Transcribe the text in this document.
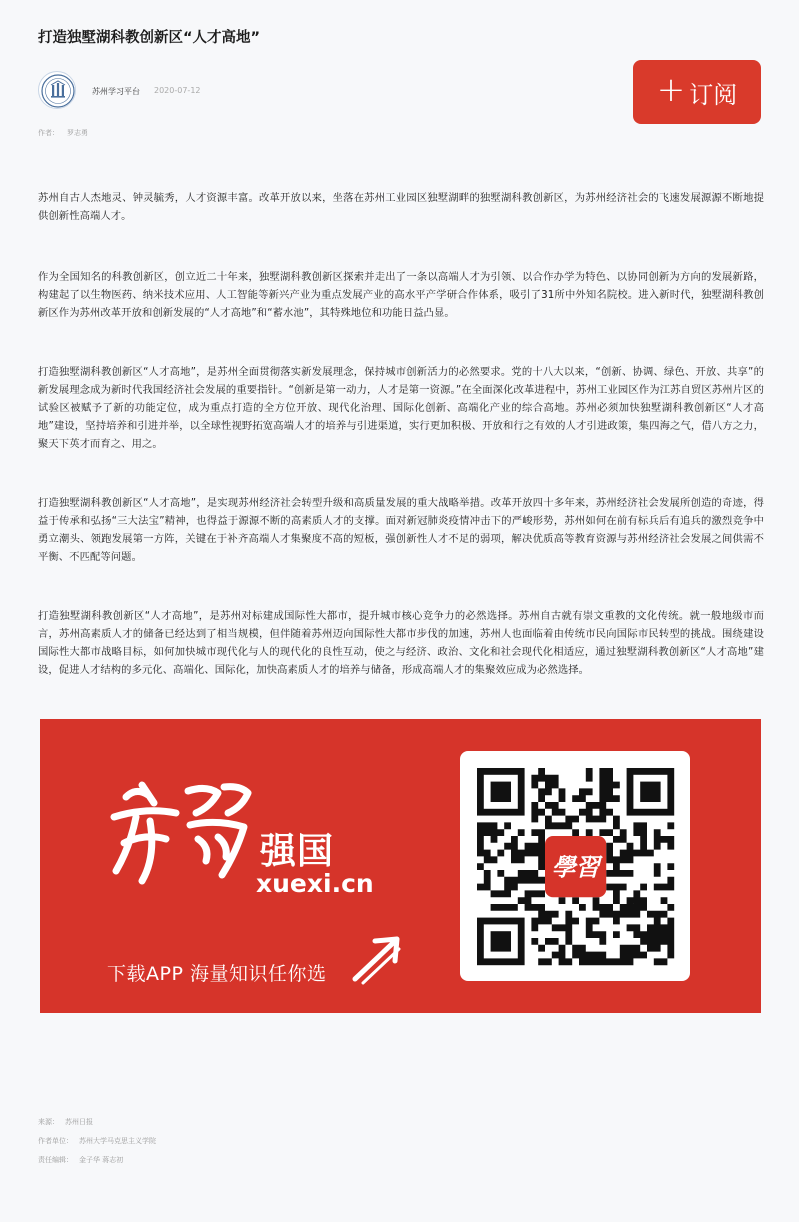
打造独墅湖科教创新区“人才高地”
苏州学习平台 2020-07-12	+ 订阅
作者： 罗志勇

苏州自古人杰地灵、钟灵毓秀，人才资源丰富。改革开放以来，坐落在苏州工业园区独墅湖畔的独墅湖科教创新区，为苏州经济社会的飞速发展源源不断地提供创新性高端人才。

作为全国知名的科教创新区，创立近二十年来，独墅湖科教创新区探索并走出了一条以高端人才为引领、以合作办学为特色、以协同创新为方向的发展新路，构建起了以生物医药、纳米技术应用、人工智能等新兴产业为重点发展产业的高水平产学研合作体系，吸引了31所中外知名院校。进入新时代，独墅湖科教创新区作为苏州改革开放和创新发展的“人才高地”和“蓄水池”，其特殊地位和功能日益凸显。

打造独墅湖科教创新区“人才高地”，是苏州全面贯彻落实新发展理念，保持城市创新活力的必然要求。党的十八大以来，“创新、协调、绿色、开放、共享”的新发展理念成为新时代我国经济社会发展的重要指针。“创新是第一动力，人才是第一资源。”在全面深化改革进程中，苏州工业园区作为江苏自贸区苏州片区的试验区被赋予了新的功能定位，成为重点打造的全方位开放、现代化治理、国际化创新、高端化产业的综合高地。苏州必须加快独墅湖科教创新区“人才高地”建设，坚持培养和引进并举，以全球性视野拓宽高端人才的培养与引进渠道，实行更加积极、开放和行之有效的人才引进政策，集四海之气，借八方之力，聚天下英才而育之、用之。

打造独墅湖科教创新区“人才高地”，是实现苏州经济社会转型升级和高质量发展的重大战略举措。改革开放四十多年来，苏州经济社会发展所创造的奇迹，得益于传承和弘扬“三大法宝”精神，也得益于源源不断的高素质人才的支撑。面对新冠肺炎疫情冲击下的严峻形势，苏州如何在前有标兵后有追兵的激烈竞争中勇立潮头、领跑发展第一方阵，关键在于补齐高端人才集聚度不高的短板，强创新性人才不足的弱项，解决优质高等教育资源与苏州经济社会发展之间供需不平衡、不匹配等问题。

打造独墅湖科教创新区“人才高地”，是苏州对标建成国际性大都市，提升城市核心竞争力的必然选择。苏州自古就有崇文重教的文化传统。就一般地级市而言，苏州高素质人才的储备已经达到了相当规模，但伴随着苏州迈向国际性大都市步伐的加速，苏州人也面临着由传统市民向国际市民转型的挑战。围绕建设国际性大都市战略目标，如何加快城市现代化与人的现代化的良性互动，使之与经济、政治、文化和社会现代化相适应，通过独墅湖科教创新区“人才高地”建设，促进人才结构的多元化、高端化、国际化，加快高素质人才的培养与储备，形成高端人才的集聚效应成为必然选择。

强国
xuexi.cn
下载APP 海量知识任你选
學習
来源： 苏州日报
作者单位： 苏州大学马克思主义学院
责任编辑： 金子华 蒋志初
